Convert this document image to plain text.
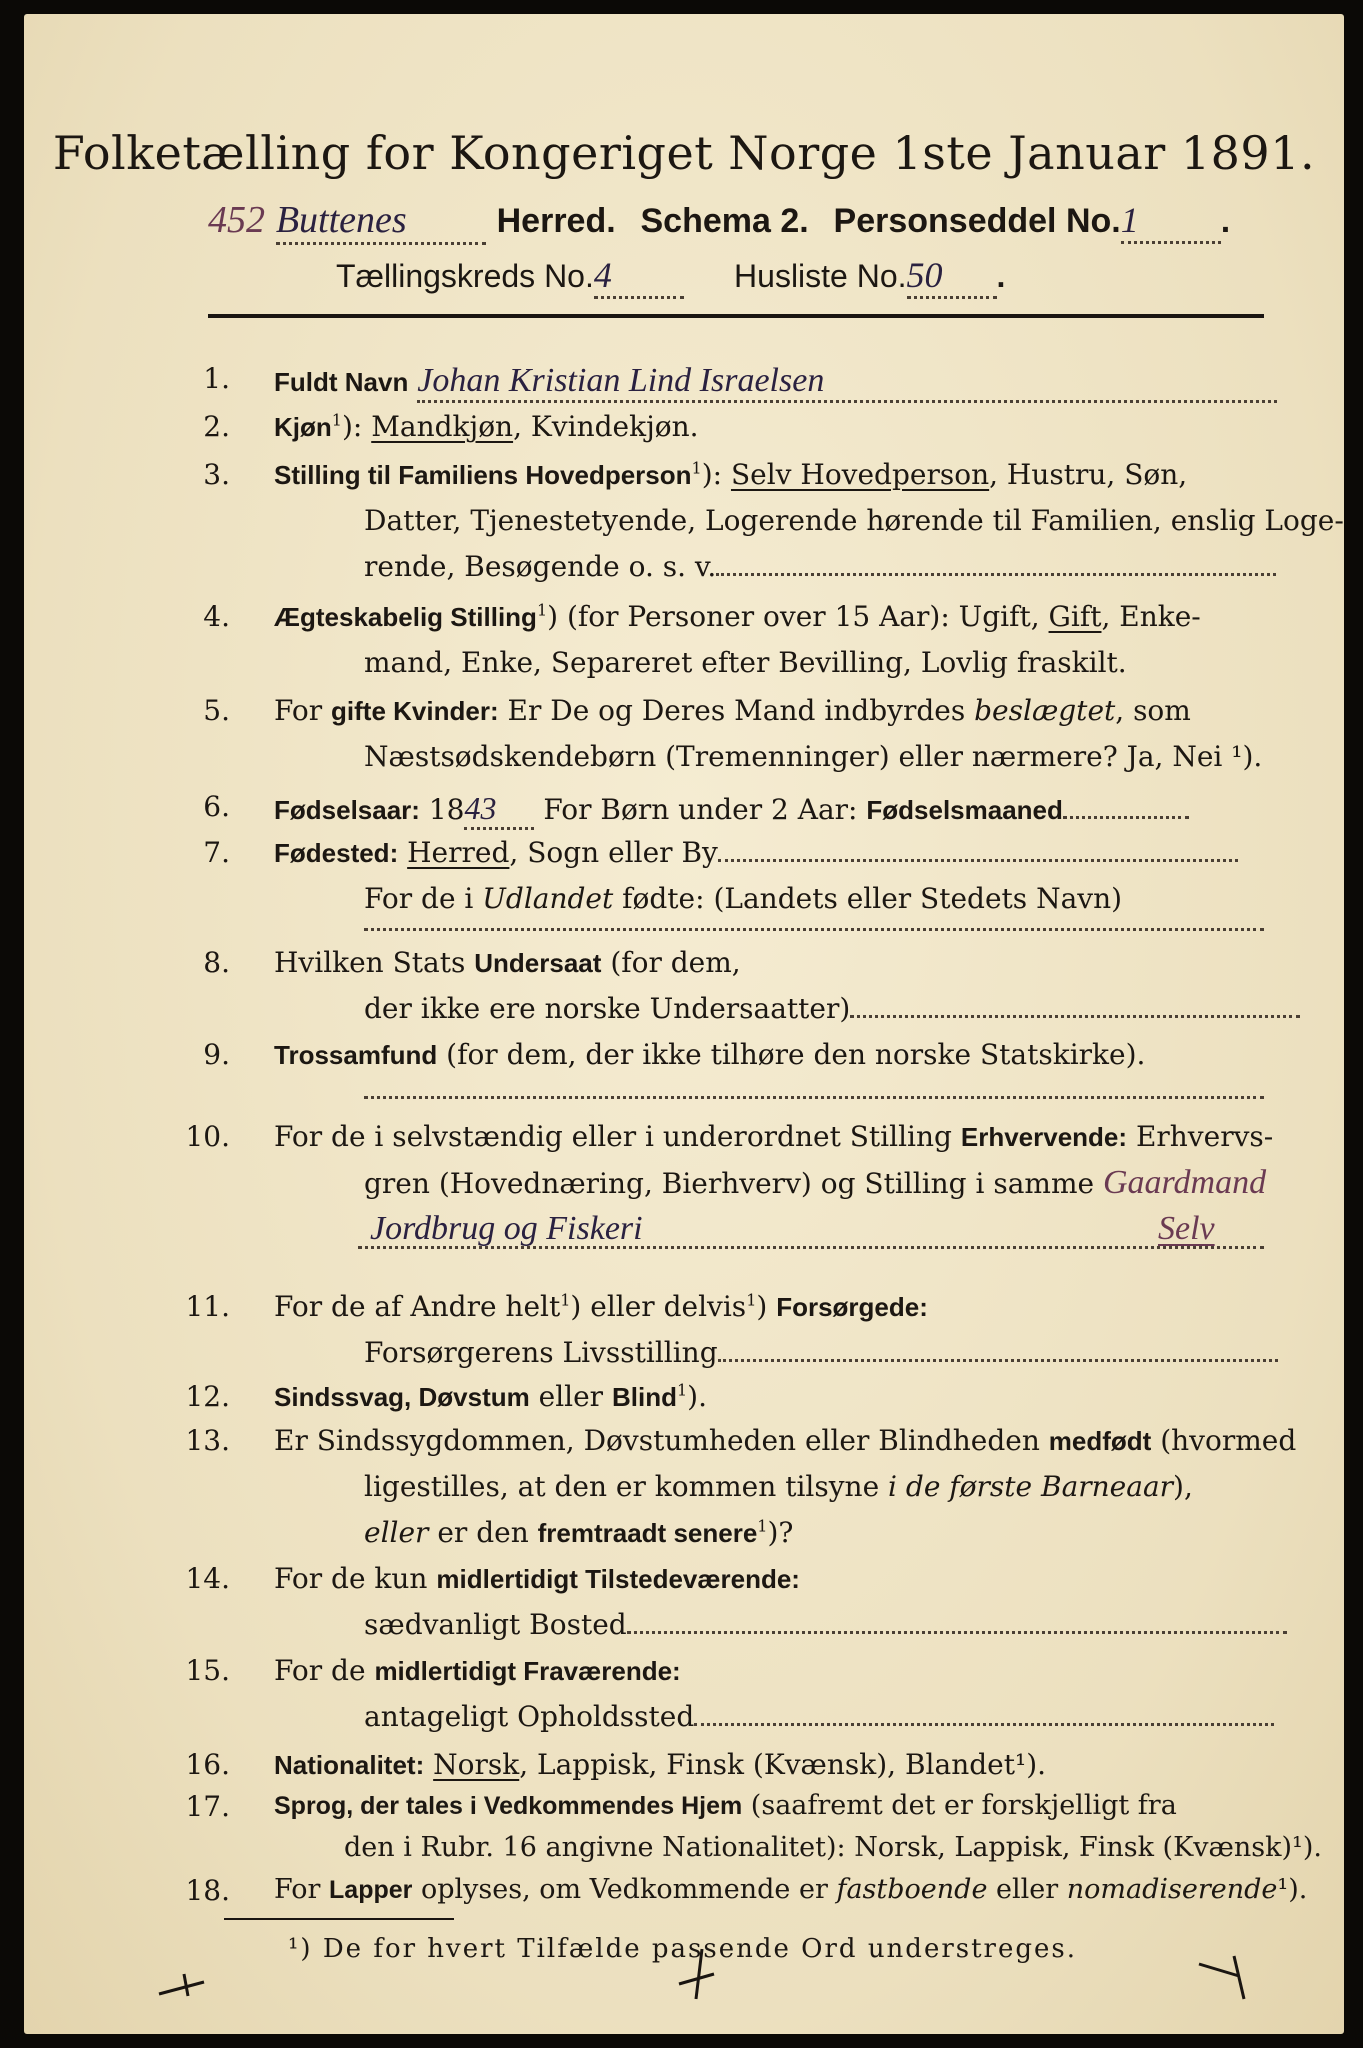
Folketælling for Kongeriget Norge 1ste Januar 1891.
452 Buttenes	Herred. Schema 2. Personseddel No.1 .
Tællingskreds No.4	Husliste No.50 .
1. Fuldt Navn Johan Kristian Lind Israelsen
2. Kjøn$^1$): Mandkjøn, Kvindekjøn.
3. Stilling til Familiens Hovedperson$^1$): Selv Hovedperson, Hustru, Søn,
Datter, Tjenestetyende, Logerende hørende til Familien, enslig Loge-
rende, Besøgende o. s. v.
4. Ægteskabelig Stilling$^1$) (for Personer over 15 Aar): Ugift, Gift, Enke-
mand, Enke, Separeret efter Bevilling, Lovlig fraskilt.
5. For gifte Kvinder: Er De og Deres Mand indbyrdes beslægtet, som
Næstsødskendebørn (Tremenninger) eller nærmere? Ja, Nei ¹).
6. Fødselsaar: 1843 For Børn under 2 Aar: Fødselsmaaned
7. Fødested: Herred, Sogn eller By
For de i Udlandet fødte: (Landets eller Stedets Navn)
8. Hvilken Stats Undersaat (for dem,
der ikke ere norske Undersaatter)
9. Trossamfund (for dem, der ikke tilhøre den norske Statskirke).
10. For de i selvstændig eller i underordnet Stilling Erhvervende: Erhvervs-
gren (Hovednæring, Bierhverv) og Stilling i samme Gaardmand
Jordbrug og Fiskeri	Selv
11. For de af Andre helt$^1$) eller delvis$^1$) Forsørgede:
Forsørgerens Livsstilling
12. Sindssvag, Døvstum eller Blind$^1$).
13. Er Sindssygdommen, Døvstumheden eller Blindheden medfødt (hvormed
ligestilles, at den er kommen tilsyne i de første Barneaar),
eller er den fremtraadt senere$^1$)?
14. For de kun midlertidigt Tilstedeværende:
sædvanligt Bosted
15. For de midlertidigt Fraværende:
antageligt Opholdssted
16. Nationalitet: Norsk, Lappisk, Finsk (Kvænsk), Blandet¹).
17. Sprog, der tales i Vedkommendes Hjem (saafremt det er forskjelligt fra
den i Rubr. 16 angivne Nationalitet): Norsk, Lappisk, Finsk (Kvænsk)¹).
18. For Lapper oplyses, om Vedkommende er fastboende eller nomadiserende¹).
¹) De for hvert Tilfælde passende Ord understreges.
